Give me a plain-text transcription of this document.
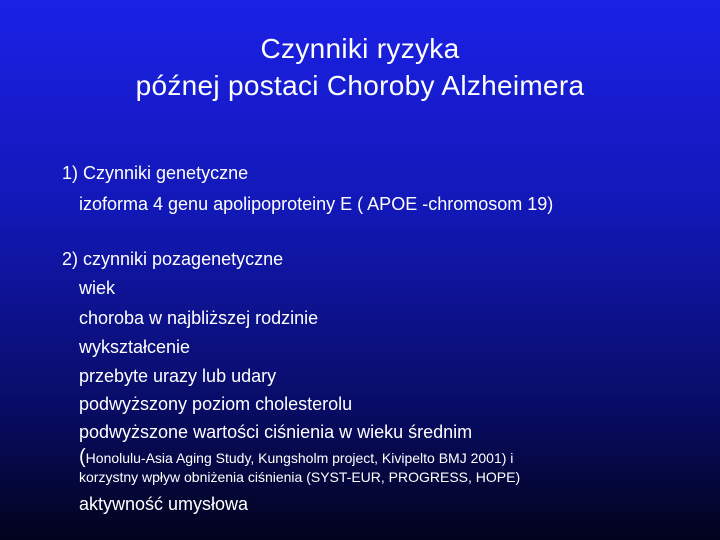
Czynniki ryzyka
późnej postaci Choroby Alzheimera
1) Czynniki genetyczne
izoforma 4 genu apolipoproteiny E ( APOE -chromosom 19)
2) czynniki pozagenetyczne
wiek
choroba w najbliższej rodzinie
wykształcenie
przebyte urazy lub udary
podwyższony poziom cholesterolu
podwyższone wartości ciśnienia w wieku średnim
(Honolulu-Asia Aging Study, Kungsholm project, Kivipelto BMJ 2001) i
korzystny wpływ obniżenia ciśnienia (SYST-EUR, PROGRESS, HOPE)
aktywność umysłowa
